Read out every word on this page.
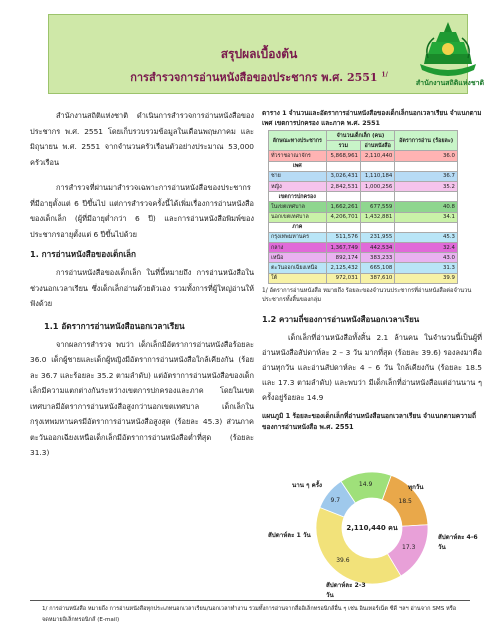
สรุปผลเบื้องต้น
การสำรวจการอ่านหนังสือของประชากร พ.ศ. 2551 $^{1/}$
สำนักงานสถิติแห่งชาติ

สำนักงานสถิติแห่งชาติ ดำเนินการสำรวจการอ่านหนังสือของประชากร พ.ศ. 2551 โดยเก็บรวบรวมข้อมูลในเดือนพฤษภาคม และมิถุนายน พ.ศ. 2551 จากจำนวนครัวเรือนตัวอย่างประมาณ 53,000 ครัวเรือน

การสำรวจที่ผ่านมาสำรวจเฉพาะการอ่านหนังสือของประชากรที่มีอายุตั้งแต่ 6 ปีขึ้นไป แต่การสำรวจครั้งนี้ได้เพิ่มเรื่องการอ่านหนังสือของเด็กเล็ก (ผู้ที่มีอายุต่ำกว่า 6 ปี) และการอ่านหนังสือพิมพ์ของประชากรอายุตั้งแต่ 6 ปีขึ้นไปด้วย

1. การอ่านหนังสือของเด็กเล็ก

การอ่านหนังสือของเด็กเล็ก ในที่นี้หมายถึง การอ่านหนังสือในช่วงนอกเวลาเรียน ซึ่งเด็กเล็กอ่านด้วยตัวเอง รวมทั้งการที่ผู้ใหญ่อ่านให้ฟังด้วย

1.1 อัตราการอ่านหนังสือนอกเวลาเรียน

จากผลการสำรวจ พบว่า เด็กเล็กมีอัตราการอ่านหนังสือร้อยละ 36.0 เด็กผู้ชายและเด็กผู้หญิงมีอัตราการอ่านหนังสือใกล้เคียงกัน (ร้อยละ 36.7 และร้อยละ 35.2 ตามลำดับ) แต่อัตราการอ่านหนังสือของเด็กเล็กมีความแตกต่างกันระหว่างเขตการปกครองและภาค โดยในเขตเทศบาลมีอัตราการอ่านหนังสือสูงกว่านอกเขตเทศบาล เด็กเล็กในกรุงเทพมหานครมีอัตราการอ่านหนังสือสูงสุด (ร้อยละ 45.3) ส่วนภาคตะวันออกเฉียงเหนือเด็กเล็กมีอัตราการอ่านหนังสือต่ำที่สุด (ร้อยละ 31.3)

ตาราง 1 จำนวนและอัตราการอ่านหนังสือของเด็กเล็กนอกเวลาเรียน จำแนกตามเพศ เขตการปกครอง และภาค พ.ศ. 2551
ลักษณะทางประชากร	จำนวนเด็กเล็ก (คน)		อัตราการอ่าน (ร้อยละ)
	รวม	อ่านหนังสือ	
ทั่วราชอาณาจักร	5,868,961	2,110,440	36.0
เพศ			
ชาย	3,026,431	1,110,184	36.7
หญิง	2,842,531	1,000,256	35.2
เขตการปกครอง			
ในเขตเทศบาล	1,662,261	677,559	40.8
นอกเขตเทศบาล	4,206,701	1,432,881	34.1
ภาค			
กรุงเทพมหานคร	511,576	231,955	45.3
กลาง	1,367,749	442,534	32.4
เหนือ	892,174	383,233	43.0
ตะวันออกเฉียงเหนือ	2,125,432	665,108	31.3
ใต้	972,031	387,610	39.9
1/ อัตราการอ่านหนังสือ หมายถึง ร้อยละของจำนวนประชากรที่อ่านหนังสือต่อจำนวนประชากรทั้งสิ้นของกลุ่ม
1.2 ความถี่ของการอ่านหนังสือนอกเวลาเรียน

เด็กเล็กที่อ่านหนังสือทั้งสิ้น 2.1 ล้านคน ในจำนวนนี้เป็นผู้ที่อ่านหนังสือสัปดาห์ละ 2 – 3 วัน มากที่สุด (ร้อยละ 39.6) รองลงมาคือ อ่านทุกวัน และอ่านสัปดาห์ละ 4 – 6 วัน ใกล้เคียงกัน (ร้อยละ 18.5 และ 17.3 ตามลำดับ) และพบว่า มีเด็กเล็กที่อ่านหนังสือแต่อ่านนาน ๆ ครั้งอยู่ร้อยละ 14.9

แผนภูมิ 1 ร้อยละของเด็กเล็กที่อ่านหนังสือนอกเวลาเรียน จำแนกตามความถี่ของการอ่านหนังสือ พ.ศ. 2551
18.5
ทุกวัน
17.3
สัปดาห์ละ 4-6 วัน
39.6
สัปดาห์ละ 2-3 วัน
9.7
สัปดาห์ละ 1 วัน
14.9
นาน ๆ ครั้ง
2,110,440 คน
1/ การอ่านหนังสือ หมายถึง การอ่านหนังสือทุกประเภทนอกเวลาเรียน/นอกเวลาทำงาน รวมทั้งการอ่านจากสื่ออิเล็กทรอนิกส์อื่น ๆ เช่น อินเทอร์เน็ต ซีดี ฯลฯ อ่านจาก SMS หรือ จดหมายอิเล็กทรอนิกส์ (E-mail)
